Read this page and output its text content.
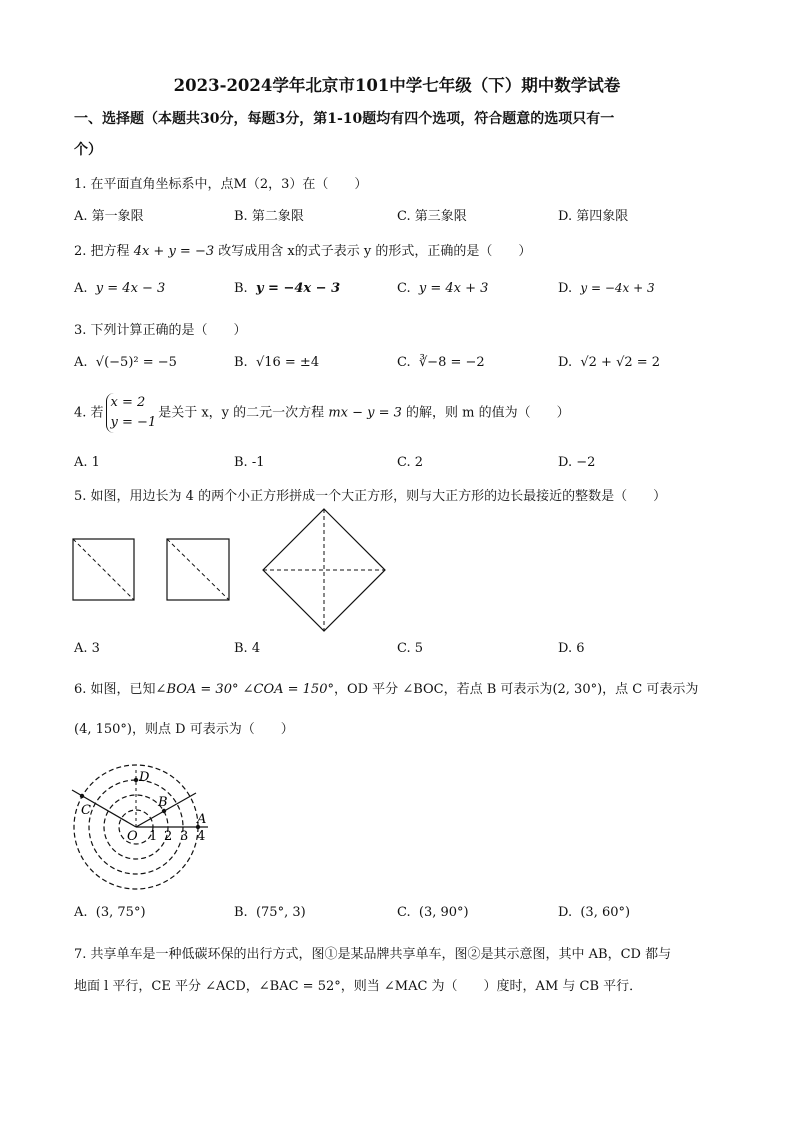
2023-2024学年北京市101中学七年级（下）期中数学试卷
一、选择题（本题共30分，每题3分，第1-10题均有四个选项，符合题意的选项只有一
个）
1. 在平面直角坐标系中，点M（2，3）在（　　）
A. 第一象限	B. 第二象限	C. 第三象限	D. 第四象限
2. 把方程 4x + y = −3 改写成用含 x的式子表示 y 的形式，正确的是（　　）
A. y = 4x − 3	B. y = −4x − 3	C. y = 4x + 3	D. y = −4x + 3
3. 下列计算正确的是（　　）
A. √(−5)² = −5	B. √16 = ±4	C. ∛−8 = −2	D. √2 + √2 = 2
4. 若x = 2
y = −1是关于 x，y 的二元一次方程 mx − y = 3 的解，则 m 的值为（　　）
A. 1	B. -1	C. 2	D. −2
5. 如图，用边长为 4 的两个小正方形拼成一个大正方形，则与大正方形的边长最接近的整数是（　　）
A. 3	B. 4	C. 5	D. 6
6. 如图，已知∠BOA = 30° ∠COA = 150°，OD 平分 ∠BOC，若点 B 可表示为(2, 30°)，点 C 可表示为
(4, 150°)，则点 D 可表示为（　　）
D
B
C
A
O 1 2 3 4
A. (3, 75°)	B. (75°, 3)	C. (3, 90°)	D. (3, 60°)
7. 共享单车是一种低碳环保的出行方式，图①是某品牌共享单车，图②是其示意图，其中 AB，CD 都与
地面 l 平行，CE 平分 ∠ACD，∠BAC = 52°，则当 ∠MAC 为（　　）度时，AM 与 CB 平行．
